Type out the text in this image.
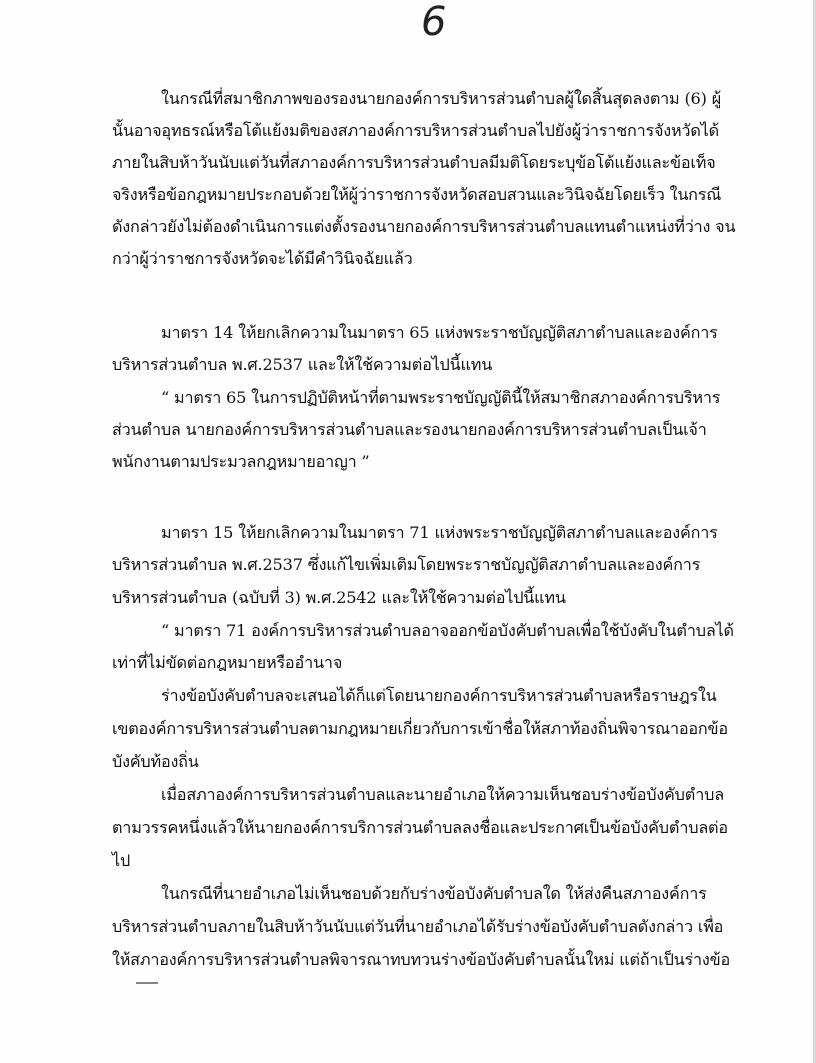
6
ในกรณีที่สมาชิกภาพของรองนายกองค์การบริหารส่วนตำบลผู้ใดสิ้นสุดลงตาม (6) ผู้
นั้นอาจอุทธรณ์หรือโต้แย้งมติของสภาองค์การบริหารส่วนตำบลไปยังผู้ว่าราชการจังหวัดได้
ภายในสิบห้าวันนับแต่วันที่สภาองค์การบริหารส่วนตำบลมีมติโดยระบุข้อโต้แย้งและข้อเท็จ
จริงหรือข้อกฎหมายประกอบด้วยให้ผู้ว่าราชการจังหวัดสอบสวนและวินิจฉัยโดยเร็ว ในกรณี
ดังกล่าวยังไม่ต้องดำเนินการแต่งตั้งรองนายกองค์การบริหารส่วนตำบลแทนตำแหน่งที่ว่าง จน
กว่าผู้ว่าราชการจังหวัดจะได้มีคำวินิจฉัยแล้ว
มาตรา 14 ให้ยกเลิกความในมาตรา 65 แห่งพระราชบัญญัติสภาตำบลและองค์การ
บริหารส่วนตำบล พ.ศ.2537 และให้ใช้ความต่อไปนี้แทน
“ มาตรา 65 ในการปฏิบัติหน้าที่ตามพระราชบัญญัตินี้ให้สมาชิกสภาองค์การบริหาร
ส่วนตำบล นายกองค์การบริหารส่วนตำบลและรองนายกองค์การบริหารส่วนตำบลเป็นเจ้า
พนักงานตามประมวลกฎหมายอาญา ”
มาตรา 15 ให้ยกเลิกความในมาตรา 71 แห่งพระราชบัญญัติสภาตำบลและองค์การ
บริหารส่วนตำบล พ.ศ.2537 ซึ่งแก้ไขเพิ่มเติมโดยพระราชบัญญัติสภาตำบลและองค์การ
บริหารส่วนตำบล (ฉบับที่ 3) พ.ศ.2542 และให้ใช้ความต่อไปนี้แทน
“ มาตรา 71 องค์การบริหารส่วนตำบลอาจออกข้อบังคับตำบลเพื่อใช้บังคับในตำบลได้
เท่าที่ไม่ขัดต่อกฎหมายหรืออำนาจ
ร่างข้อบังคับตำบลจะเสนอได้ก็แต่โดยนายกองค์การบริหารส่วนตำบลหรือราษฎรใน
เขตองค์การบริหารส่วนตำบลตามกฎหมายเกี่ยวกับการเข้าชื่อให้สภาท้องถิ่นพิจารณาออกข้อ
บังคับท้องถิ่น
เมื่อสภาองค์การบริหารส่วนตำบลและนายอำเภอให้ความเห็นชอบร่างข้อบังคับตำบล
ตามวรรคหนึ่งแล้วให้นายกองค์การบริการส่วนตำบลลงชื่อและประกาศเป็นข้อบังคับตำบลต่อ
ไป
ในกรณีที่นายอำเภอไม่เห็นชอบด้วยกับร่างข้อบังคับตำบลใด ให้ส่งคืนสภาองค์การ
บริหารส่วนตำบลภายในสิบห้าวันนับแต่วันที่นายอำเภอได้รับร่างข้อบังคับตำบลดังกล่าว เพื่อ
ให้สภาองค์การบริหารส่วนตำบลพิจารณาทบทวนร่างข้อบังคับตำบลนั้นใหม่ แต่ถ้าเป็นร่างข้อ
